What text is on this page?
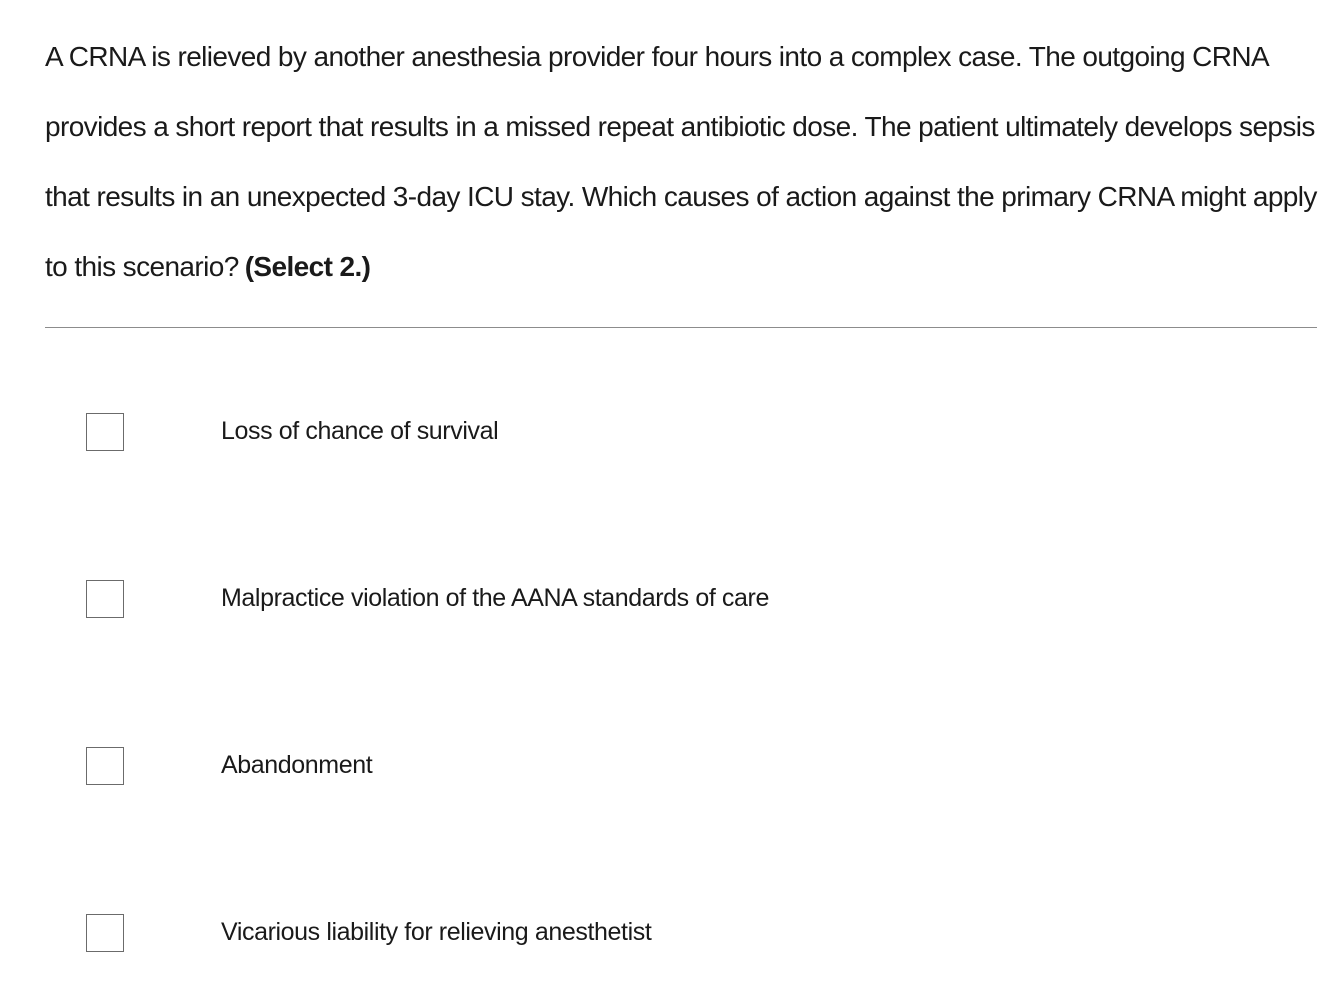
A CRNA is relieved by another anesthesia provider four hours into a complex case. The outgoing CRNA provides a short report that results in a missed repeat antibiotic dose. The patient ultimately develops sepsis that results in an unexpected 3-day ICU stay. Which causes of action against the primary CRNA might apply to this scenario? (Select 2.)

Loss of chance of survival
Malpractice violation of the AANA standards of care
Abandonment
Vicarious liability for relieving anesthetist
